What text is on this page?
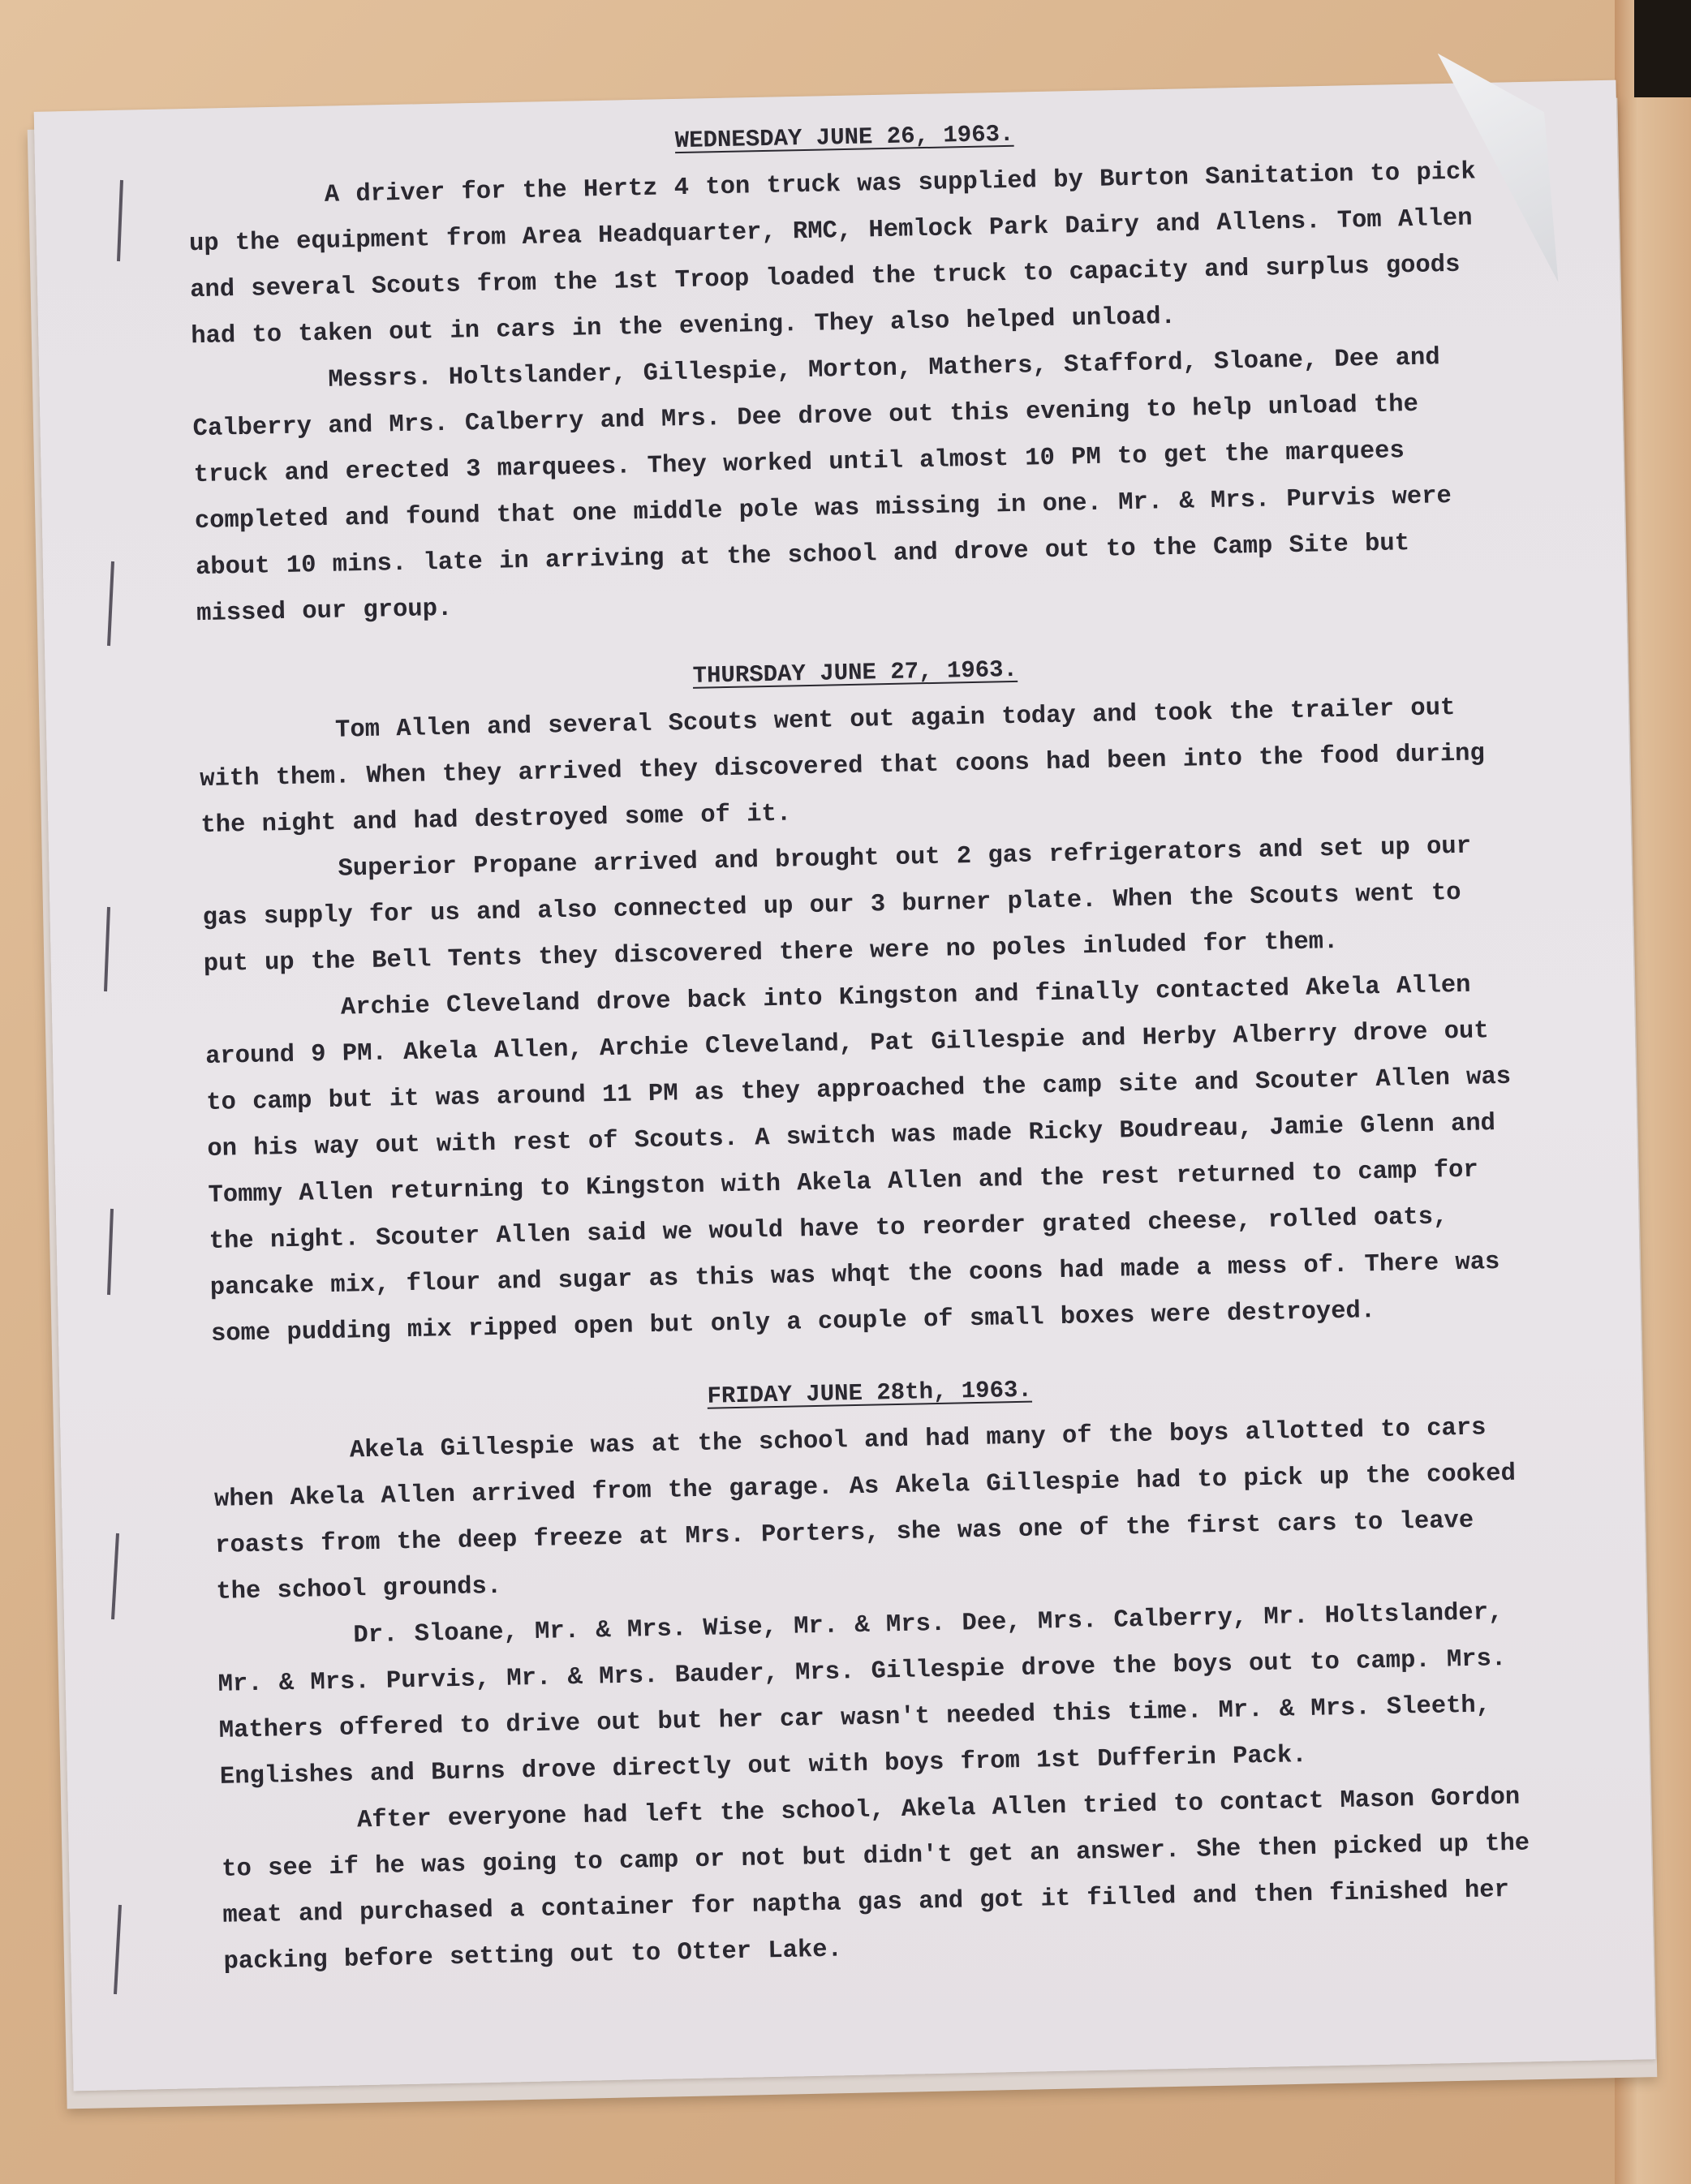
WEDNESDAY JUNE 26, 1963.

A driver for the Hertz 4 ton truck was supplied by Burton Sanitation to pick up the equipment from Area Headquarter, RMC, Hemlock Park Dairy and Allens. Tom Allen and several Scouts from the 1st Troop loaded the truck to capacity and surplus goods had to taken out in cars in the evening. They also helped unload.

Messrs. Holtslander, Gillespie, Morton, Mathers, Stafford, Sloane, Dee and Calberry and Mrs. Calberry and Mrs. Dee drove out this evening to help unload the truck and erected 3 marquees. They worked until almost 10 PM to get the marquees completed and found that one middle pole was missing in one. Mr. & Mrs. Purvis were about 10 mins. late in arriving at the school and drove out to the Camp Site but missed our group.

THURSDAY JUNE 27, 1963.

Tom Allen and several Scouts went out again today and took the trailer out with them. When they arrived they discovered that coons had been into the food during the night and had destroyed some of it.

Superior Propane arrived and brought out 2 gas refrigerators and set up our gas supply for us and also connected up our 3 burner plate. When the Scouts went to put up the Bell Tents they discovered there were no poles inluded for them.

Archie Cleveland drove back into Kingston and finally contacted Akela Allen around 9 PM. Akela Allen, Archie Cleveland, Pat Gillespie and Herby Alberry drove out to camp but it was around 11 PM as they approached the camp site and Scouter Allen was on his way out with rest of Scouts. A switch was made Ricky Boudreau, Jamie Glenn and Tommy Allen returning to Kingston with Akela Allen and the rest returned to camp for the night. Scouter Allen said we would have to reorder grated cheese, rolled oats, pancake mix, flour and sugar as this was whqt the coons had made a mess of. There was some pudding mix ripped open but only a couple of small boxes were destroyed.

FRIDAY JUNE 28th, 1963.

Akela Gillespie was at the school and had many of the boys allotted to cars when Akela Allen arrived from the garage. As Akela Gillespie had to pick up the cooked roasts from the deep freeze at Mrs. Porters, she was one of the first cars to leave the school grounds.

Dr. Sloane, Mr. & Mrs. Wise, Mr. & Mrs. Dee, Mrs. Calberry, Mr. Holtslander, Mr. & Mrs. Purvis, Mr. & Mrs. Bauder, Mrs. Gillespie drove the boys out to camp. Mrs. Mathers offered to drive out but her car wasn't needed this time. Mr. & Mrs. Sleeth, Englishes and Burns drove directly out with boys from 1st Dufferin Pack.

After everyone had left the school, Akela Allen tried to contact Mason Gordon to see if he was going to camp or not but didn't get an answer. She then picked up the meat and purchased a container for naptha gas and got it filled and then finished her packing before setting out to Otter Lake.
